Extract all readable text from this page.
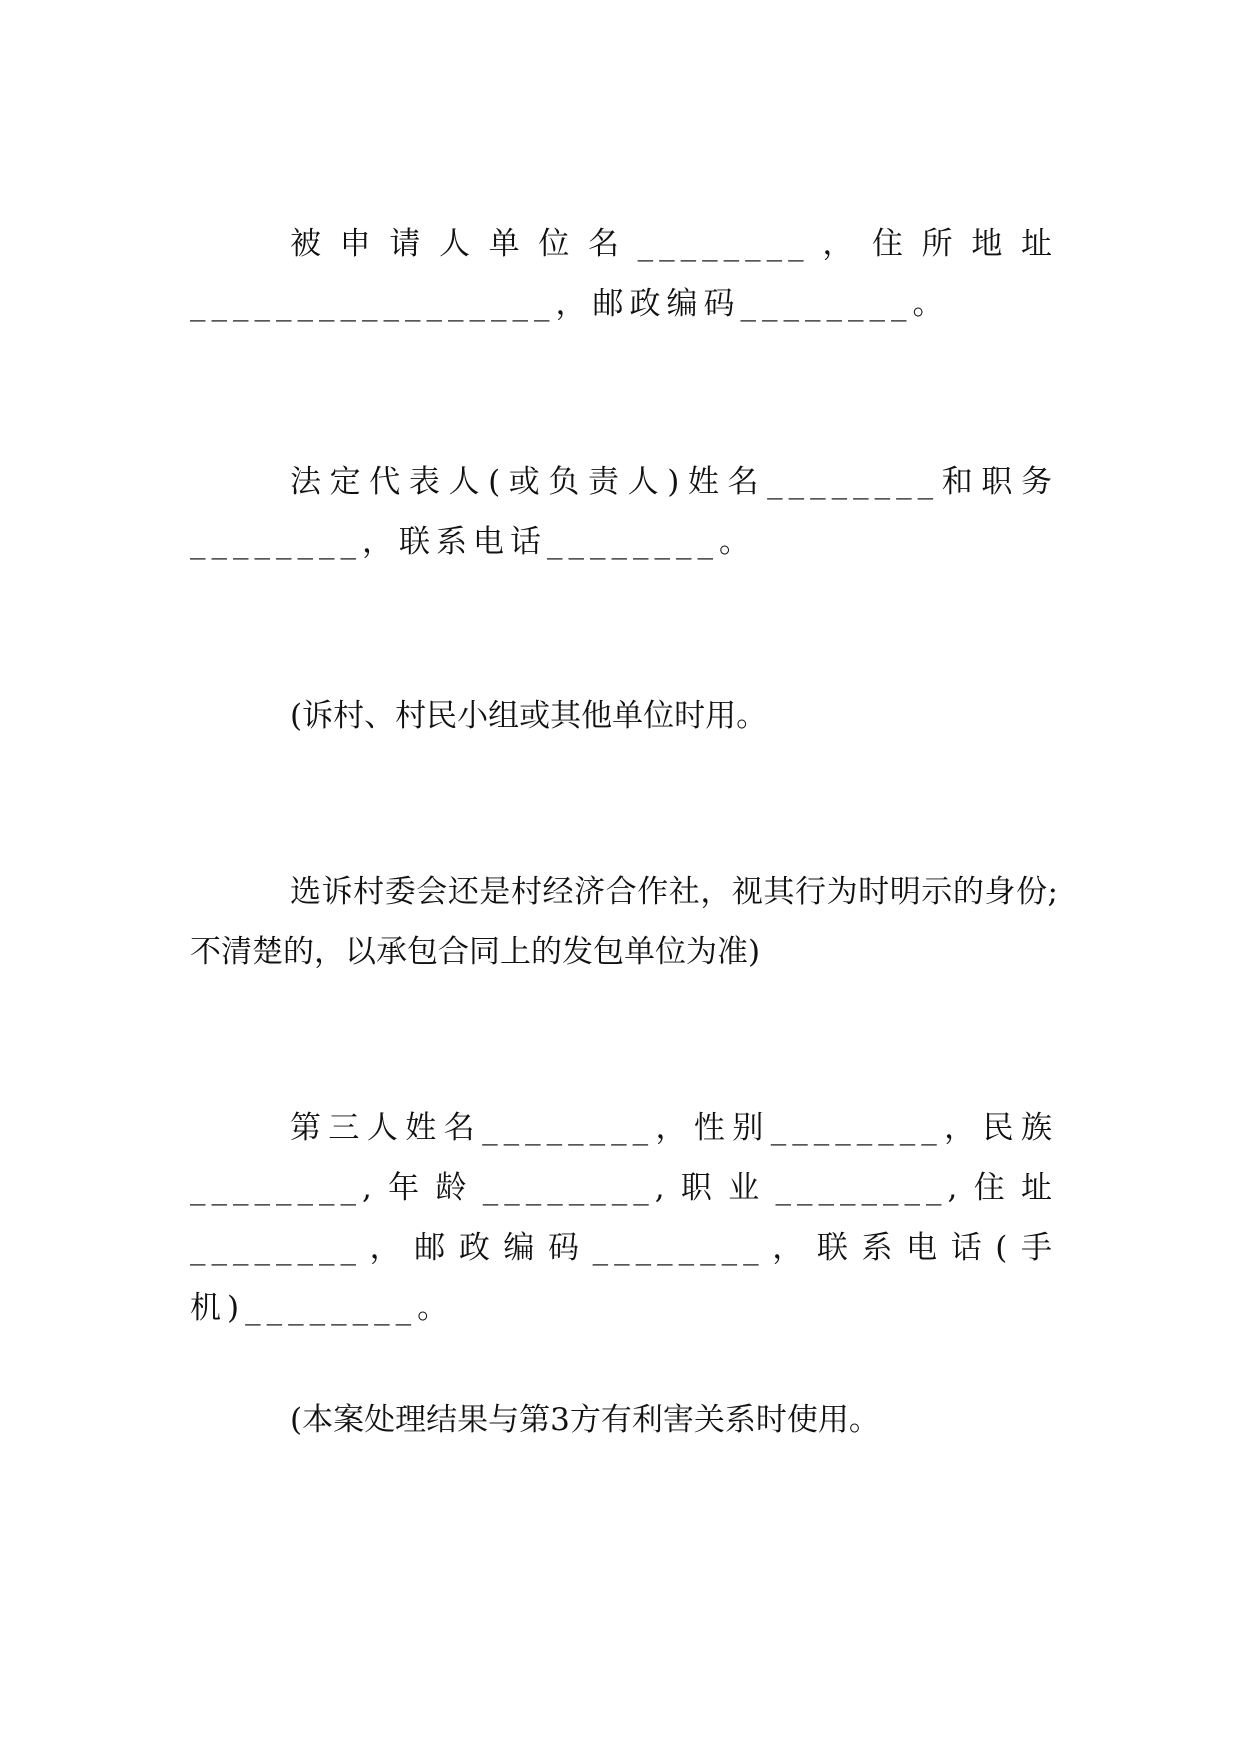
被申请人单位名________，住所地址_________________，邮政编码________。

法定代表人(或负责人)姓名________和职务________，联系电话________。

(诉村、村民小组或其他单位时用。

选诉村委会还是村经济合作社，视其行为时明示的身份;不清楚的，以承包合同上的发包单位为准)

第三人姓名________，性别________，民族________,年龄________,职业________,住址________，邮政编码________，联系电话(手机)________。

(本案处理结果与第3方有利害关系时使用。
